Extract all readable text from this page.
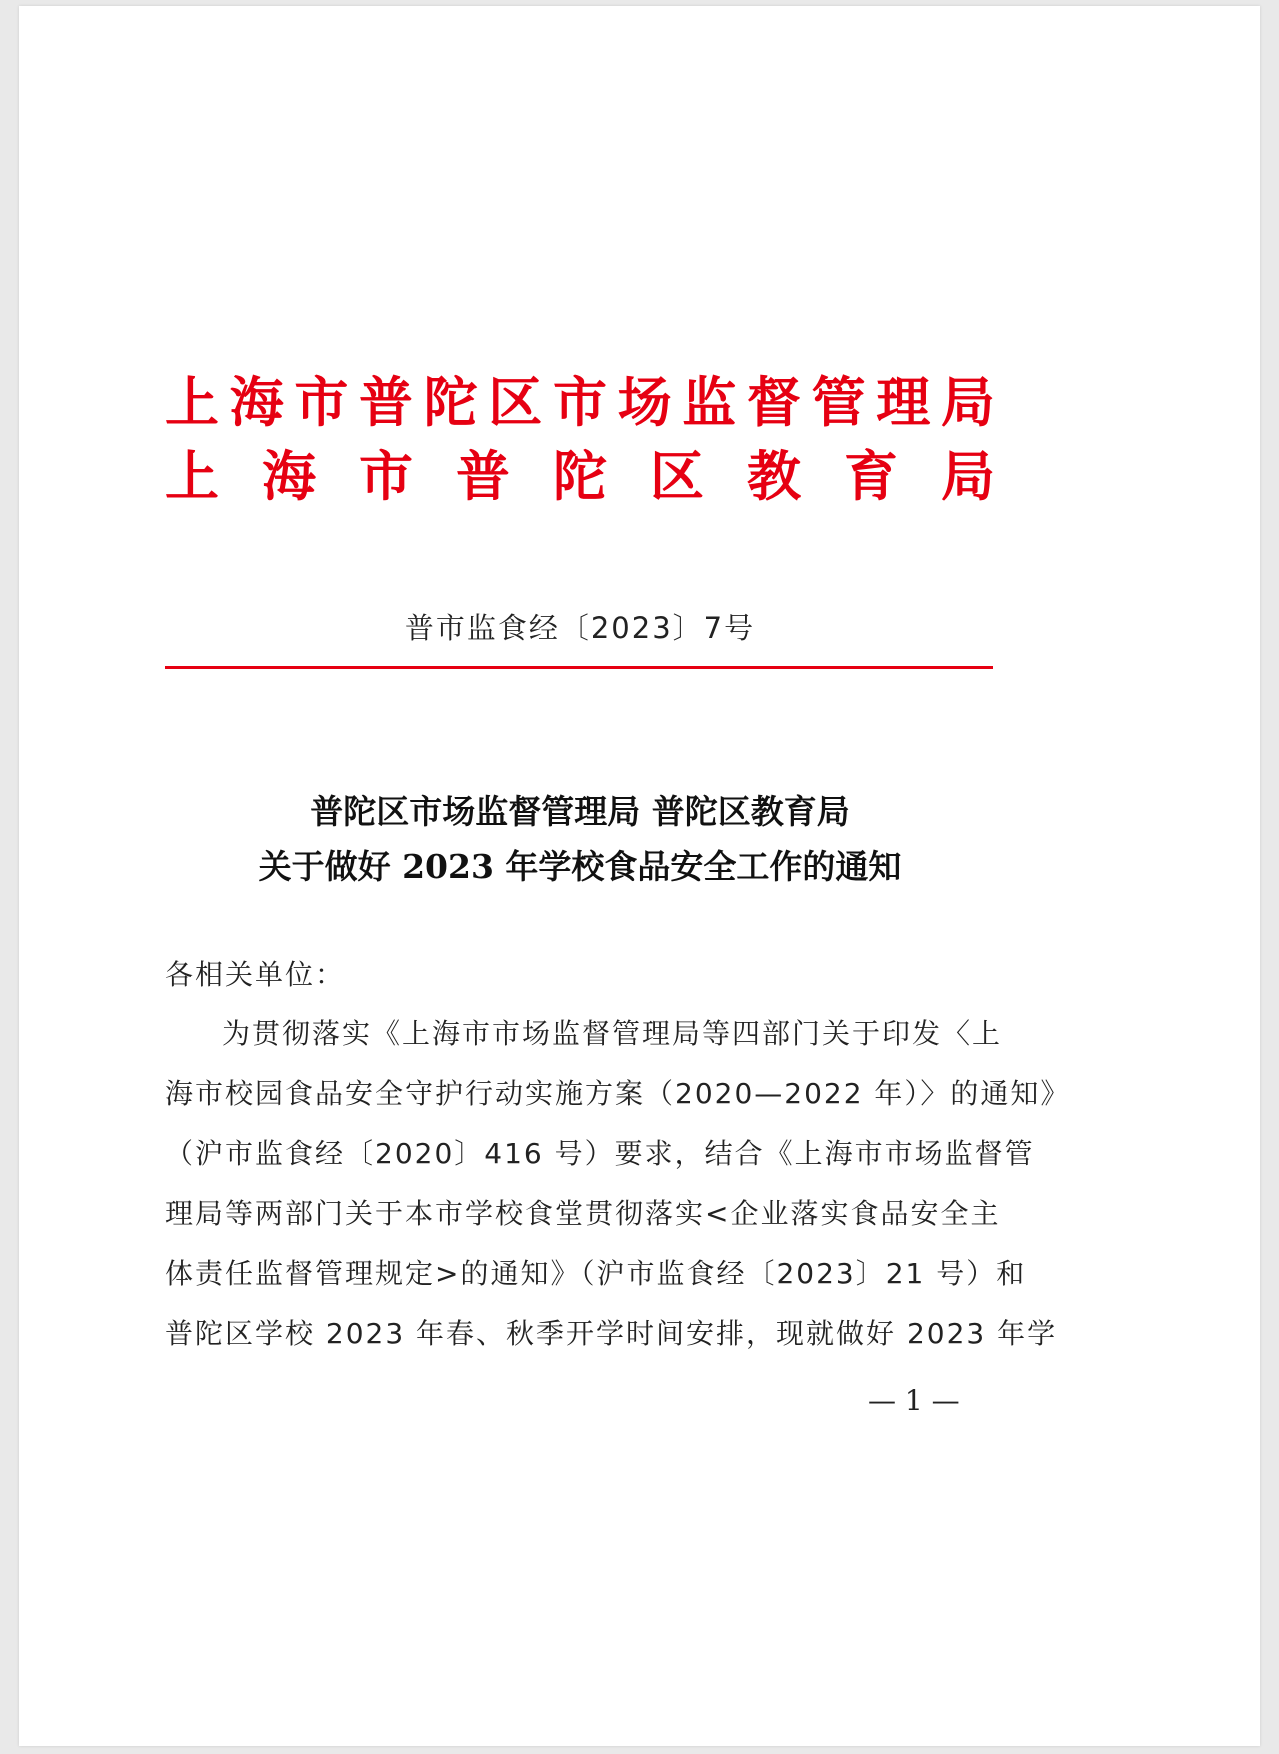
上 海 市 普 陀 区 市 场 监 督 管 理 局
上 海 市 普 陀 区 教 育 局
普市监食经〔2023〕7号
普陀区市场监督管理局 普陀区教育局
关于做好 2023 年学校食品安全工作的通知
各相关单位：
为贯彻落实《上海市市场监督管理局等四部门关于印发〈上
海市校园食品安全守护行动实施方案（2020—2022 年）〉的通知》
（沪市监食经〔2020〕416 号）要求，结合《上海市市场监督管
理局等两部门关于本市学校食堂贯彻落实<企业落实食品安全主
体责任监督管理规定>的通知》（沪市监食经〔2023〕21 号）和
普陀区学校 2023 年春、秋季开学时间安排，现就做好 2023 年学
— 1 —
